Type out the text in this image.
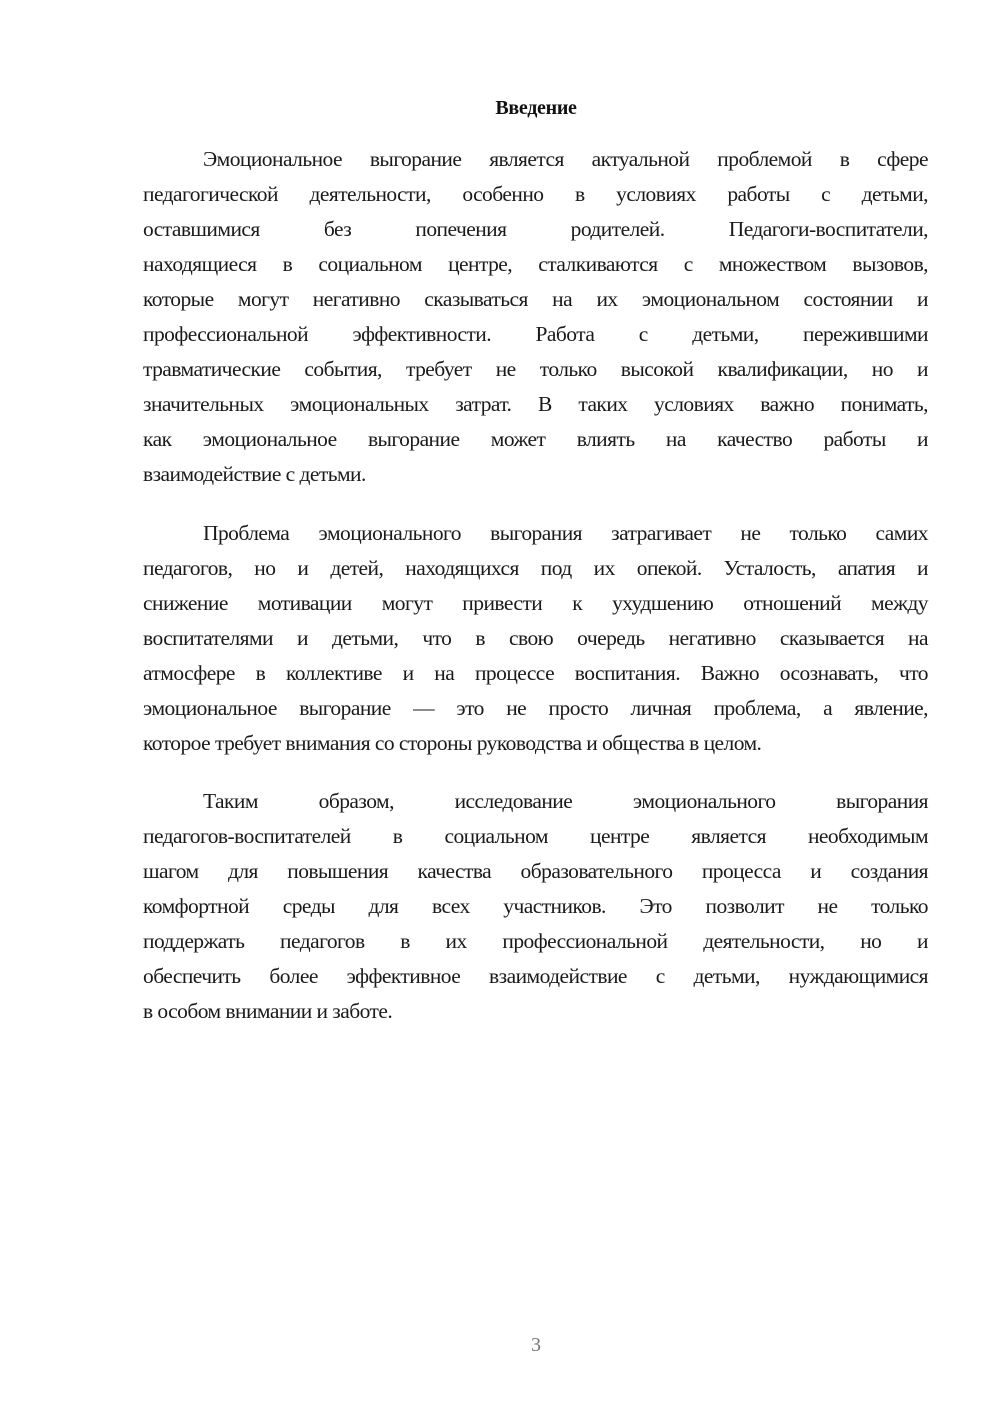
Введение
Эмоциональное выгорание является актуальной проблемой в сфере
педагогической деятельности, особенно в условиях работы с детьми,
оставшимися без попечения родителей. Педагоги-воспитатели,
находящиеся в социальном центре, сталкиваются с множеством вызовов,
которые могут негативно сказываться на их эмоциональном состоянии и
профессиональной эффективности. Работа с детьми, пережившими
травматические события, требует не только высокой квалификации, но и
значительных эмоциональных затрат. В таких условиях важно понимать,
как эмоциональное выгорание может влиять на качество работы и
взаимодействие с детьми.
Проблема эмоционального выгорания затрагивает не только самих
педагогов, но и детей, находящихся под их опекой. Усталость, апатия и
снижение мотивации могут привести к ухудшению отношений между
воспитателями и детьми, что в свою очередь негативно сказывается на
атмосфере в коллективе и на процессе воспитания. Важно осознавать, что
эмоциональное выгорание — это не просто личная проблема, а явление,
которое требует внимания со стороны руководства и общества в целом.
Таким образом, исследование эмоционального выгорания
педагогов-воспитателей в социальном центре является необходимым
шагом для повышения качества образовательного процесса и создания
комфортной среды для всех участников. Это позволит не только
поддержать педагогов в их профессиональной деятельности, но и
обеспечить более эффективное взаимодействие с детьми, нуждающимися
в особом внимании и заботе.
3
